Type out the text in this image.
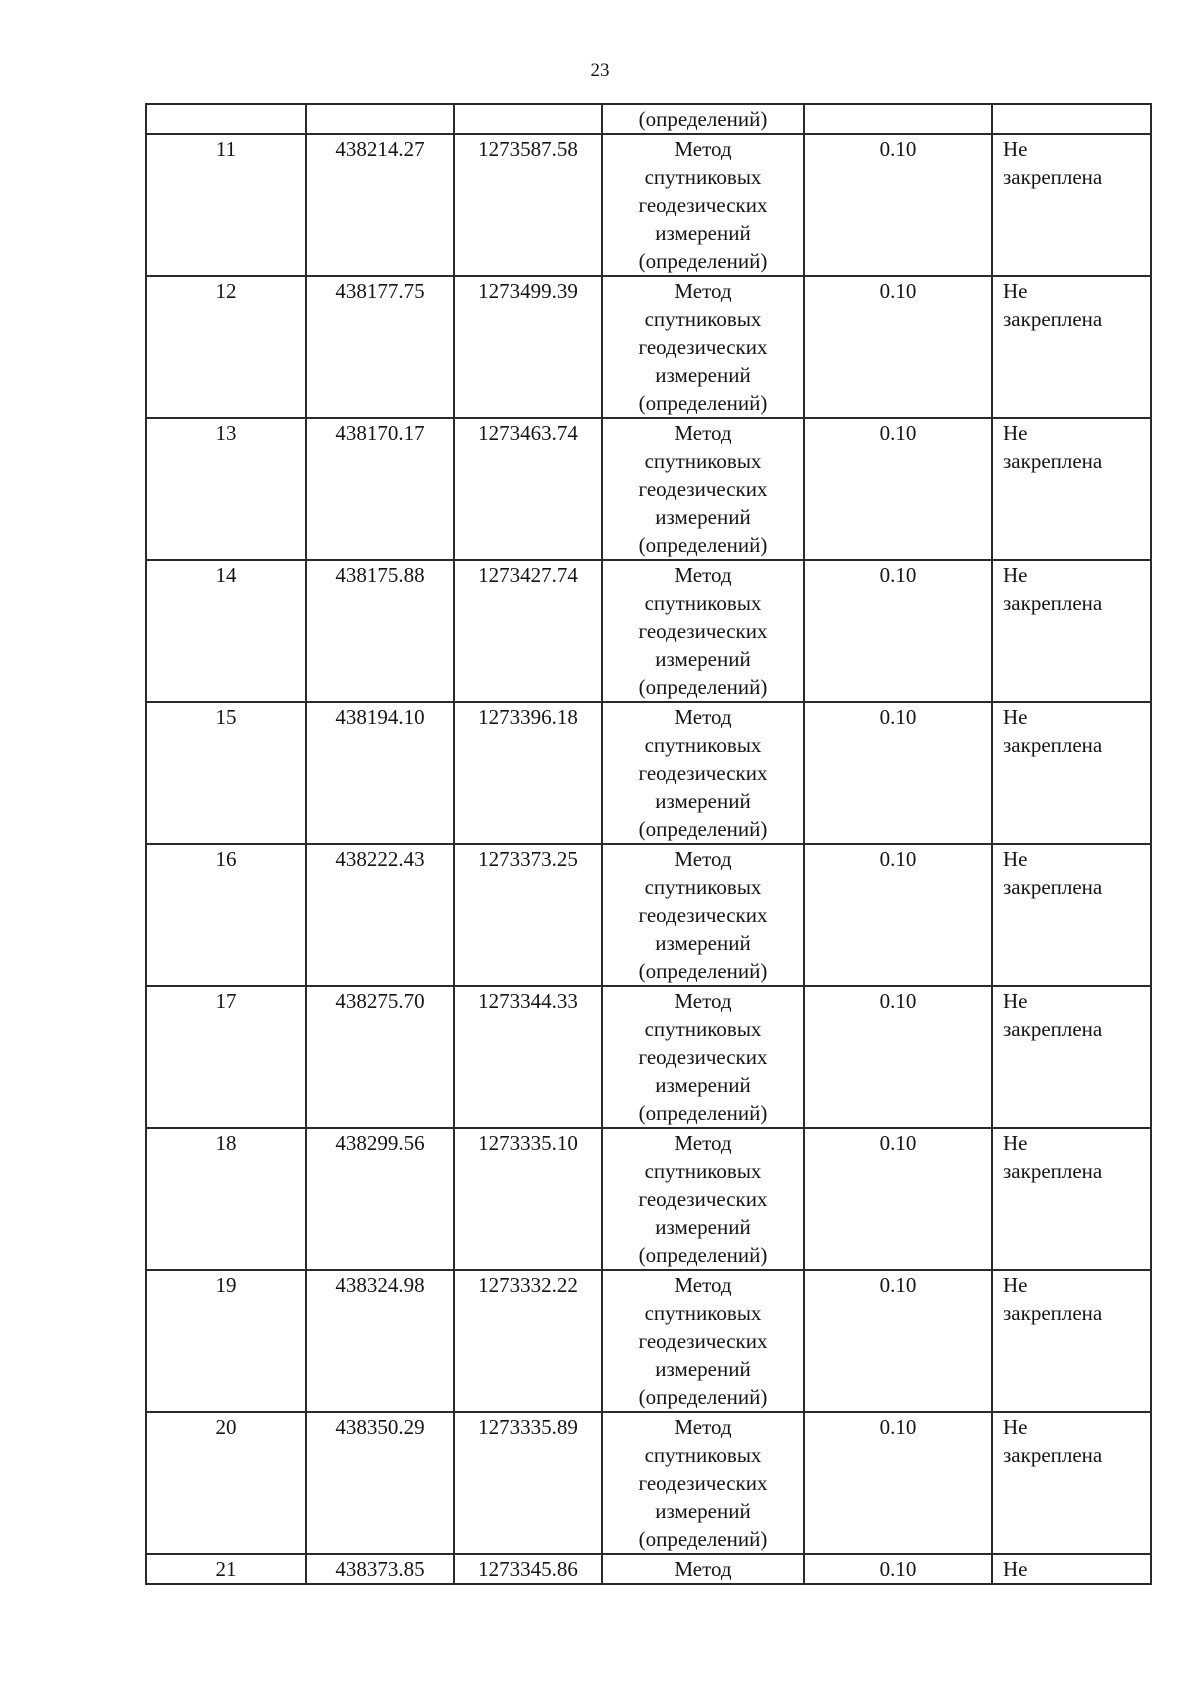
23
			(определений)		
11	438214.27	1273587.58	Метод
спутниковых
геодезических
измерений
(определений)	0.10	Не
закреплена

12	438177.75	1273499.39	Метод
спутниковых
геодезических
измерений
(определений)	0.10	Не
закреплена

13	438170.17	1273463.74	Метод
спутниковых
геодезических
измерений
(определений)	0.10	Не
закреплена

14	438175.88	1273427.74	Метод
спутниковых
геодезических
измерений
(определений)	0.10	Не
закреплена

15	438194.10	1273396.18	Метод
спутниковых
геодезических
измерений
(определений)	0.10	Не
закреплена

16	438222.43	1273373.25	Метод
спутниковых
геодезических
измерений
(определений)	0.10	Не
закреплена

17	438275.70	1273344.33	Метод
спутниковых
геодезических
измерений
(определений)	0.10	Не
закреплена

18	438299.56	1273335.10	Метод
спутниковых
геодезических
измерений
(определений)	0.10	Не
закреплена

19	438324.98	1273332.22	Метод
спутниковых
геодезических
измерений
(определений)	0.10	Не
закреплена

20	438350.29	1273335.89	Метод
спутниковых
геодезических
измерений
(определений)	0.10	Не
закреплена

21	438373.85	1273345.86	Метод	0.10	Не
